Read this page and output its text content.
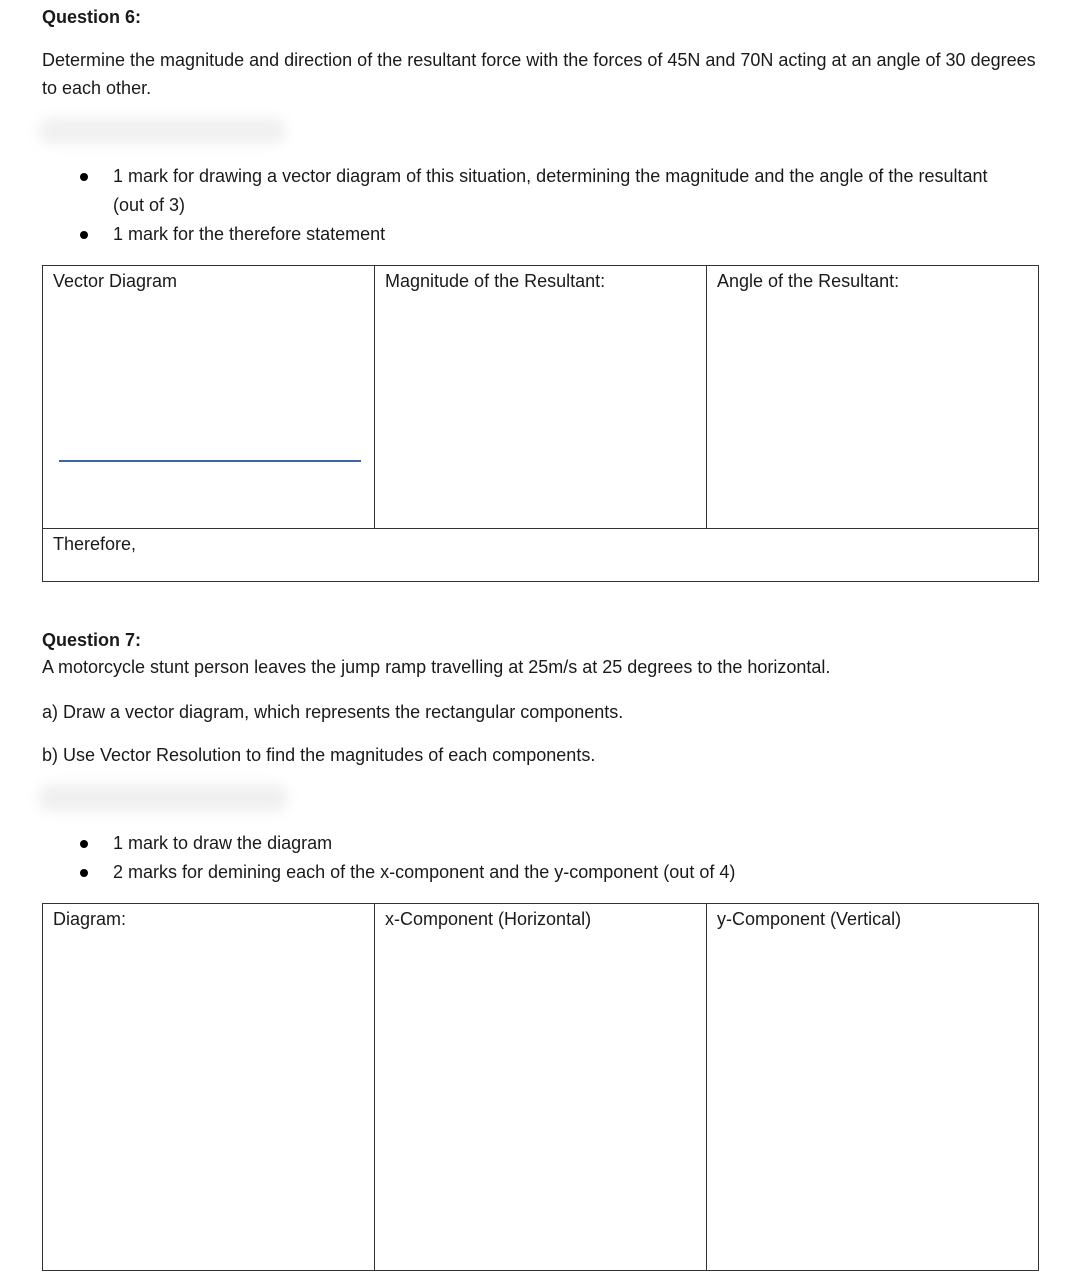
Question 6:
Determine the magnitude and direction of the resultant force with the forces of 45N and 70N acting at an angle of 30 degrees to each other.
1 mark for drawing a vector diagram of this situation, determining the magnitude and the angle of the resultant (out of 3)
1 mark for the therefore statement
Vector Diagram	Magnitude of the Resultant:	Angle of the Resultant:
Therefore,
Question 7:
A motorcycle stunt person leaves the jump ramp travelling at 25m/s at 25 degrees to the horizontal.
a) Draw a vector diagram, which represents the rectangular components.
b) Use Vector Resolution to find the magnitudes of each components.
1 mark to draw the diagram
2 marks for demining each of the x-component and the y-component (out of 4)
Diagram:	x-Component (Horizontal)	y-Component (Vertical)
